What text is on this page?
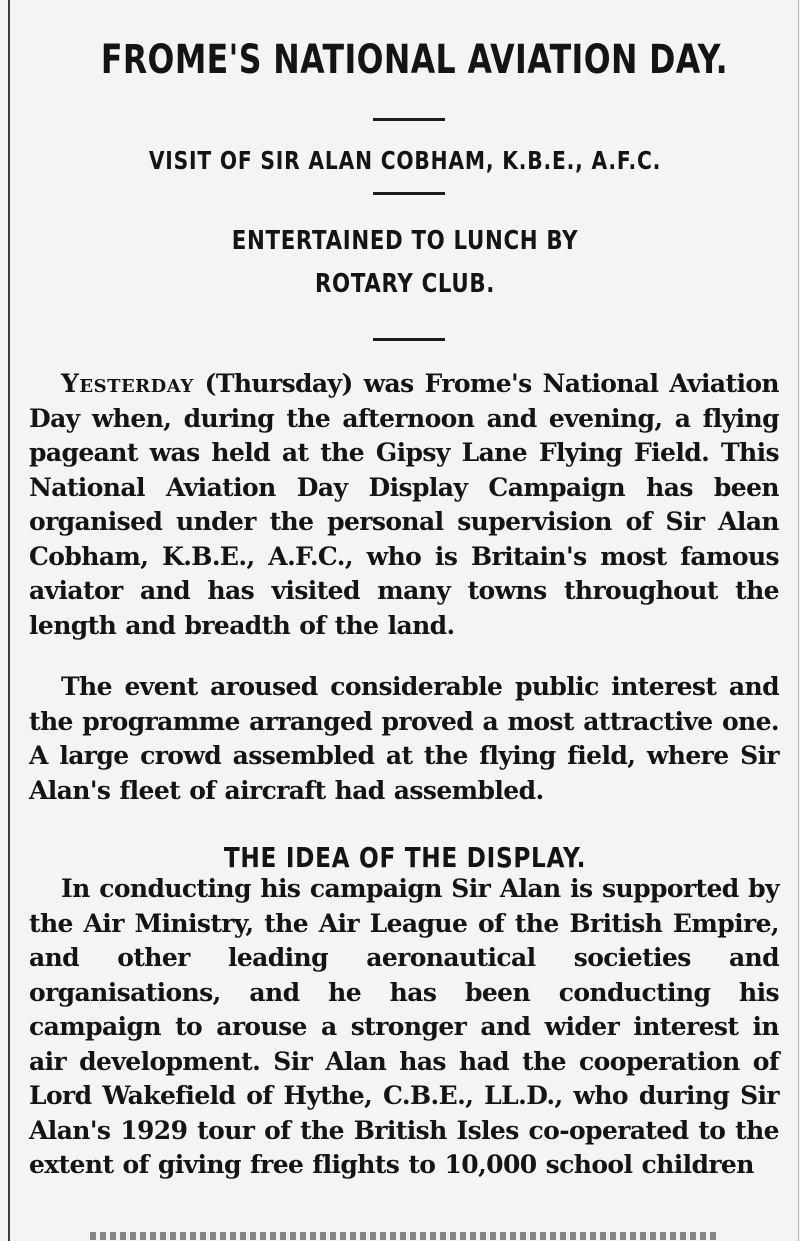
FROME'S NATIONAL AVIATION DAY.
VISIT OF SIR ALAN COBHAM, K.B.E., A.F.C.
ENTERTAINED TO LUNCH BY
ROTARY CLUB.

Yesterday (Thursday) was Frome's National Aviation Day when, during the afternoon and evening, a flying pageant was held at the Gipsy Lane Flying Field. This National Aviation Day Display Campaign has been organised under the personal supervision of Sir Alan Cobham, K.B.E., A.F.C., who is Britain's most famous aviator and has visited many towns throughout the length and breadth of the land.

The event aroused considerable public interest and the programme arranged proved a most attractive one. A large crowd assembled at the flying field, where Sir Alan's fleet of aircraft had assembled.

THE IDEA OF THE DISPLAY.

In conducting his campaign Sir Alan is supported by the Air Ministry, the Air League of the British Empire, and other leading aeronautical societies and organisations, and he has been conducting his campaign to arouse a stronger and wider interest in air development. Sir Alan has had the cooperation of Lord Wakefield of Hythe, C.B.E., LL.D., who during Sir Alan's 1929 tour of the British Isles co-operated to the extent of giving free flights to 10,000 school children
